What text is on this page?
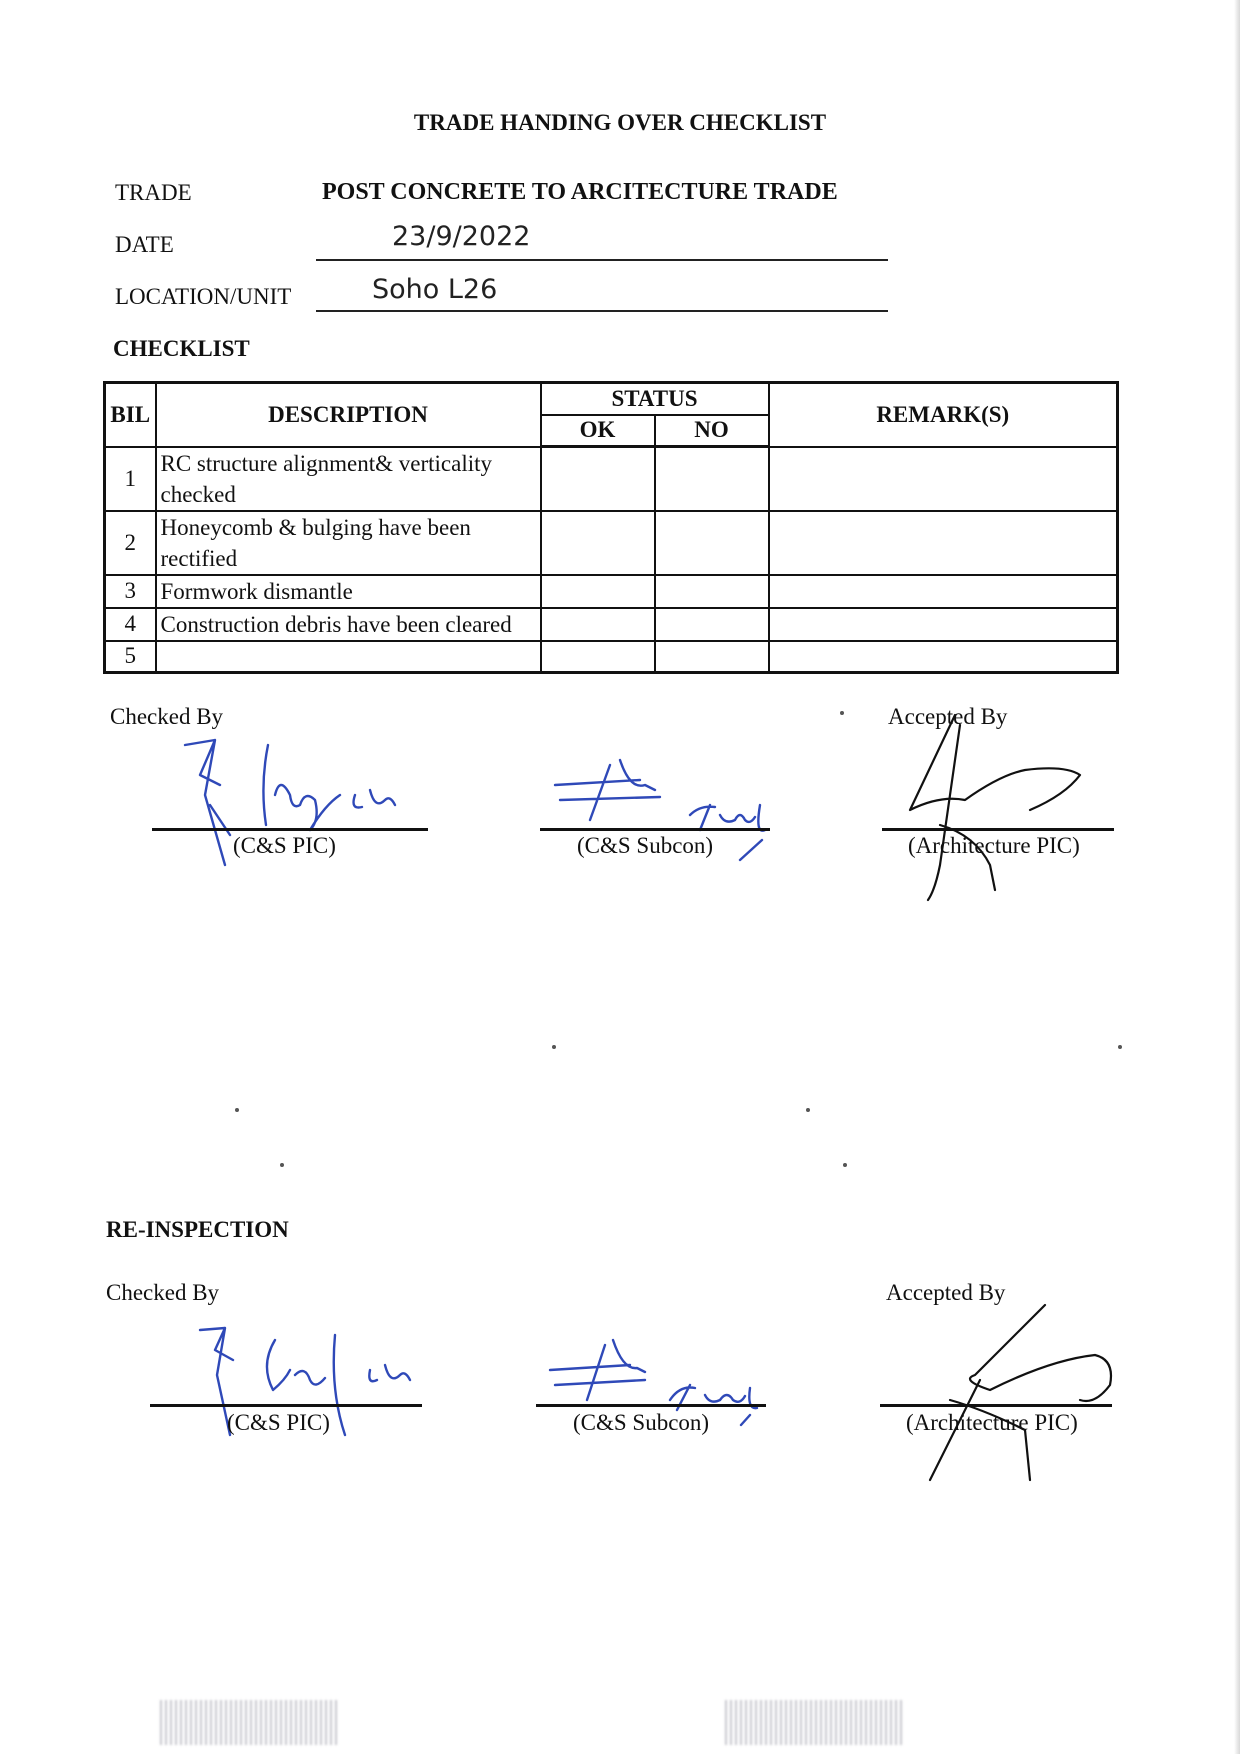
TRADE HANDING OVER CHECKLIST
TRADE	POST CONCRETE TO ARCITECTURE TRADE
DATE	23/9/2022
LOCATION/UNIT	Soho L26
CHECKLIST
BIL	DESCRIPTION	STATUS		REMARK(S)
		OK	NO	
1	RC structure alignment& verticality checked			
2	Honeycomb & bulging have been rectified			
3	Formwork dismantle			
4	Construction debris have been cleared			
5				
Checked By	Accepted By
(C&S PIC)	(C&S Subcon)	(Architecture PIC)
RE-INSPECTION
Checked By	Accepted By
(C&S PIC)	(C&S Subcon)	(Architecture PIC)
